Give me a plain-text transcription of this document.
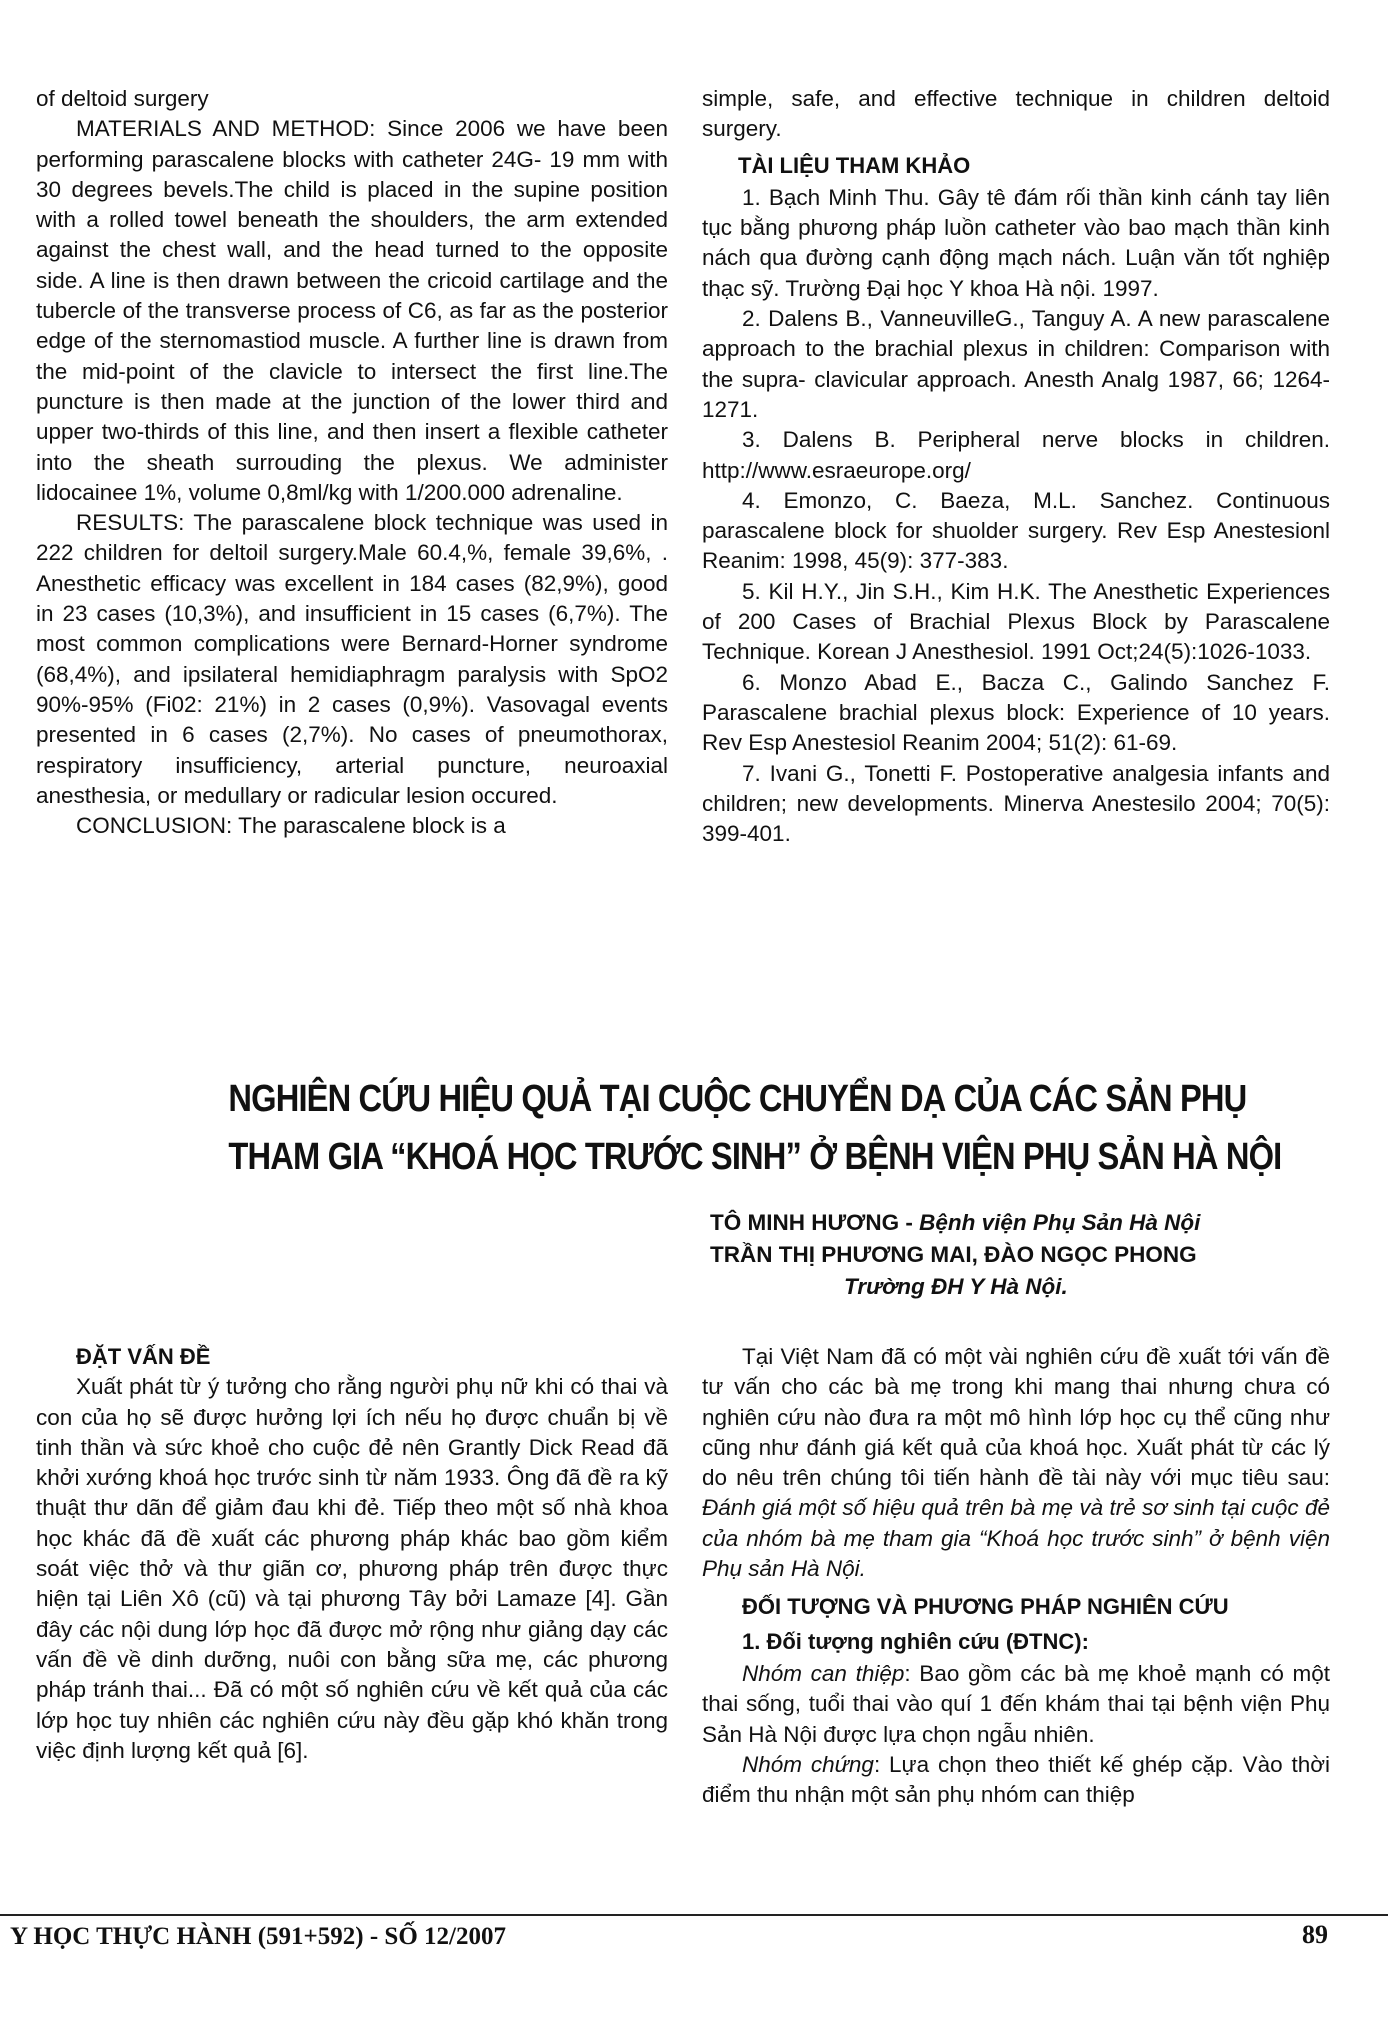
of deltoid surgery

MATERIALS AND METHOD: Since 2006 we have been performing parascalene blocks with catheter 24G- 19 mm with 30 degrees bevels.The child is placed in the supine position with a rolled towel beneath the shoulders, the arm extended against the chest wall, and the head turned to the opposite side. A line is then drawn between the cricoid cartilage and the tubercle of the transverse process of C6, as far as the posterior edge of the sternomastiod muscle. A further line is drawn from the mid-point of the clavicle to intersect the first line.The puncture is then made at the junction of the lower third and upper two-thirds of this line, and then insert a flexible catheter into the sheath surrouding the plexus. We administer lidocainee 1%, volume 0,8ml/kg with 1/200.000 adrenaline.

RESULTS: The parascalene block technique was used in 222 children for deltoil surgery.Male 60.4,%, female 39,6%, . Anesthetic efficacy was excellent in 184 cases (82,9%), good in 23 cases (10,3%), and insufficient in 15 cases (6,7%). The most common complications were Bernard-Horner syndrome (68,4%), and ipsilateral hemidiaphragm paralysis with SpO2 90%-95% (Fi02: 21%) in 2 cases (0,9%). Vasovagal events presented in 6 cases (2,7%). No cases of pneumothorax, respiratory insufficiency, arterial puncture, neuroaxial anesthesia, or medullary or radicular lesion occured.

CONCLUSION: The parascalene block is a

simple, safe, and effective technique in children deltoid surgery.

TÀI LIỆU THAM KHẢO

1. Bạch Minh Thu. Gây tê đám rối thần kinh cánh tay liên tục bằng phương pháp luồn catheter vào bao mạch thần kinh nách qua đường cạnh động mạch nách. Luận văn tốt nghiệp thạc sỹ. Trường Đại học Y khoa Hà nội. 1997.

2. Dalens B., VanneuvilleG., Tanguy A. A new parascalene approach to the brachial plexus in children: Comparison with the supra- clavicular approach. Anesth Analg 1987, 66; 1264-1271.

3. Dalens B. Peripheral nerve blocks in children. http://www.esraeurope.org/

4. Emonzo, C. Baeza, M.L. Sanchez. Continuous parascalene block for shuolder surgery. Rev Esp Anestesionl Reanim: 1998, 45(9): 377-383.

5. Kil H.Y., Jin S.H., Kim H.K. The Anesthetic Experiences of 200 Cases of Brachial Plexus Block by Parascalene Technique. Korean J Anesthesiol. 1991 Oct;24(5):1026-1033.

6. Monzo Abad E., Bacza C., Galindo Sanchez F. Parascalene brachial plexus block: Experience of 10 years. Rev Esp Anestesiol Reanim 2004; 51(2): 61-69.

7. Ivani G., Tonetti F. Postoperative analgesia infants and children; new developments. Minerva Anestesilo 2004; 70(5): 399-401.

NGHIÊN CỨU HIỆU QUẢ TẠI CUỘC CHUYỂN DẠ CỦA CÁC SẢN PHỤ
THAM GIA “KHOÁ HỌC TRƯỚC SINH” Ở BỆNH VIỆN PHỤ SẢN HÀ NỘI
TÔ MINH HƯƠNG - Bệnh viện Phụ Sản Hà Nội
TRẦN THỊ PHƯƠNG MAI, ĐÀO NGỌC PHONG
Trường ĐH Y Hà Nội.

ĐẶT VẤN ĐỀ

Xuất phát từ ý tưởng cho rằng người phụ nữ khi có thai và con của họ sẽ được hưởng lợi ích nếu họ được chuẩn bị về tinh thần và sức khoẻ cho cuộc đẻ nên Grantly Dick Read đã khởi xướng khoá học trước sinh từ năm 1933. Ông đã đề ra kỹ thuật thư dãn để giảm đau khi đẻ. Tiếp theo một số nhà khoa học khác đã đề xuất các phương pháp khác bao gồm kiểm soát việc thở và thư giãn cơ, phương pháp trên được thực hiện tại Liên Xô (cũ) và tại phương Tây bởi Lamaze [4]. Gần đây các nội dung lớp học đã được mở rộng như giảng dạy các vấn đề về dinh dưỡng, nuôi con bằng sữa mẹ, các phương pháp tránh thai... Đã có một số nghiên cứu về kết quả của các lớp học tuy nhiên các nghiên cứu này đều gặp khó khăn trong việc định lượng kết quả [6].

Tại Việt Nam đã có một vài nghiên cứu đề xuất tới vấn đề tư vấn cho các bà mẹ trong khi mang thai nhưng chưa có nghiên cứu nào đưa ra một mô hình lớp học cụ thể cũng như cũng như đánh giá kết quả của khoá học. Xuất phát từ các lý do nêu trên chúng tôi tiến hành đề tài này với mục tiêu sau: Đánh giá một số hiệu quả trên bà mẹ và trẻ sơ sinh tại cuộc đẻ của nhóm bà mẹ tham gia “Khoá học trước sinh” ở bệnh viện Phụ sản Hà Nội.

ĐỐI TƯỢNG VÀ PHƯƠNG PHÁP NGHIÊN CỨU

1. Đối tượng nghiên cứu (ĐTNC):

Nhóm can thiệp: Bao gồm các bà mẹ khoẻ mạnh có một thai sống, tuổi thai vào quí 1 đến khám thai tại bệnh viện Phụ Sản Hà Nội được lựa chọn ngẫu nhiên.

Nhóm chứng: Lựa chọn theo thiết kế ghép cặp. Vào thời điểm thu nhận một sản phụ nhóm can thiệp

Y HỌC THỰC HÀNH (591+592) - SỐ 12/2007	89
